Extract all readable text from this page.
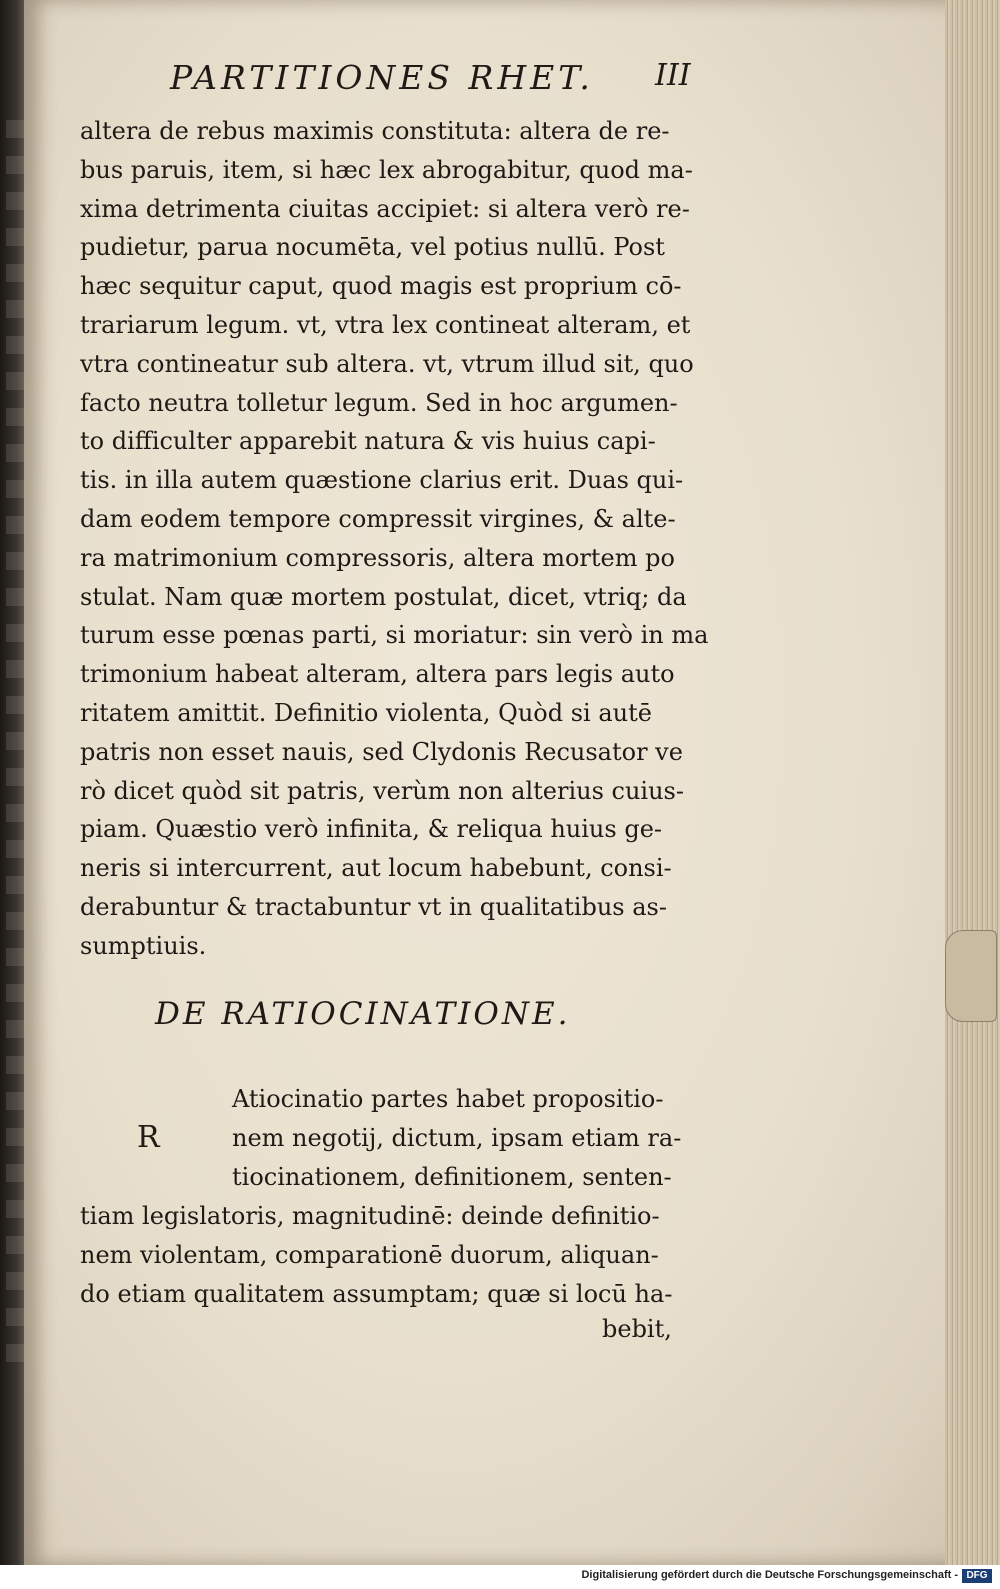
PARTITIONES RHET.	III
altera de rebus maximis constituta: altera de re-
bus paruis, item, si hæc lex abrogabitur, quod ma-
xima detrimenta ciuitas accipiet: si altera verò re-
pudietur, parua nocumēta, vel potius nullū. Post
hæc sequitur caput, quod magis est proprium cō-
trariarum legum. vt, vtra lex contineat alteram, et
vtra contineatur sub altera. vt, vtrum illud sit, quo
facto neutra tolletur legum. Sed in hoc argumen-
to difficulter apparebit natura & vis huius capi-
tis. in illa autem quæstione clarius erit. Duas qui-
dam eodem tempore compressit virgines, & alte-
ra matrimonium compressoris, altera mortem po
stulat. Nam quæ mortem postulat, dicet, vtriq; da
turum esse pœnas parti, si moriatur: sin verò in ma
trimonium habeat alteram, altera pars legis auto
ritatem amittit. Definitio violenta, Quòd si autē
patris non esset nauis, sed Clydonis Recusator ve
rò dicet quòd sit patris, verùm non alterius cuius-
piam. Quæstio verò infinita, & reliqua huius ge-
neris si intercurrent, aut locum habebunt, consi-
derabuntur & tractabuntur vt in qualitatibus as-
sumptiuis.
DE RATIOCINATIONE.
R
Atiocinatio partes habet propositio-
nem negotij, dictum, ipsam etiam ra-
tiocinationem, definitionem, senten-
tiam legislatoris, magnitudinē: deinde definitio-
nem violentam, comparationē duorum, aliquan-
do etiam qualitatem assumptam; quæ si locū ha-
bebit,
Digitalisierung gefördert durch die Deutsche Forschungsgemeinschaft - DFG
